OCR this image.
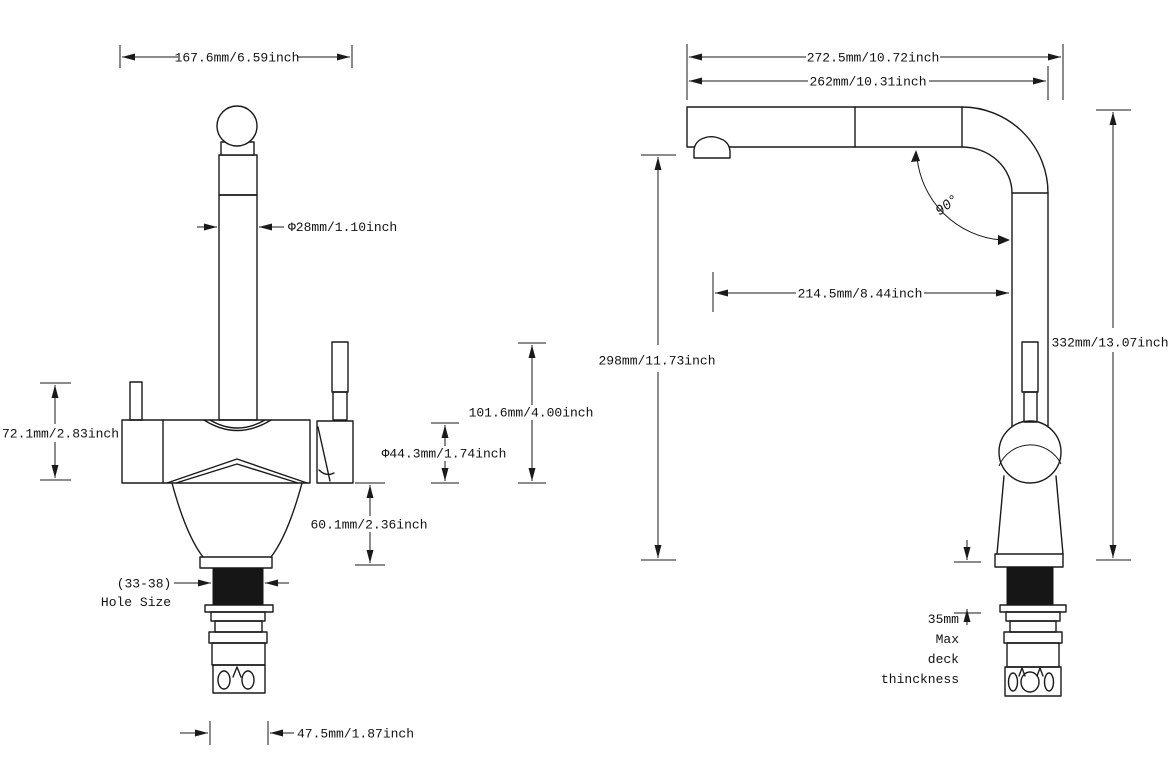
167.6mm/6.59inch
Φ28mm/1.10inch
72.1mm/2.83inch
101.6mm/4.00inch
Φ44.3mm/1.74inch
60.1mm/2.36inch
(33-38)
Hole Size
47.5mm/1.87inch
272.5mm/10.72inch
262mm/10.31inch
90°
214.5mm/8.44inch
298mm/11.73inch
332mm/13.07inch
35mm
Max
deck
thinckness
